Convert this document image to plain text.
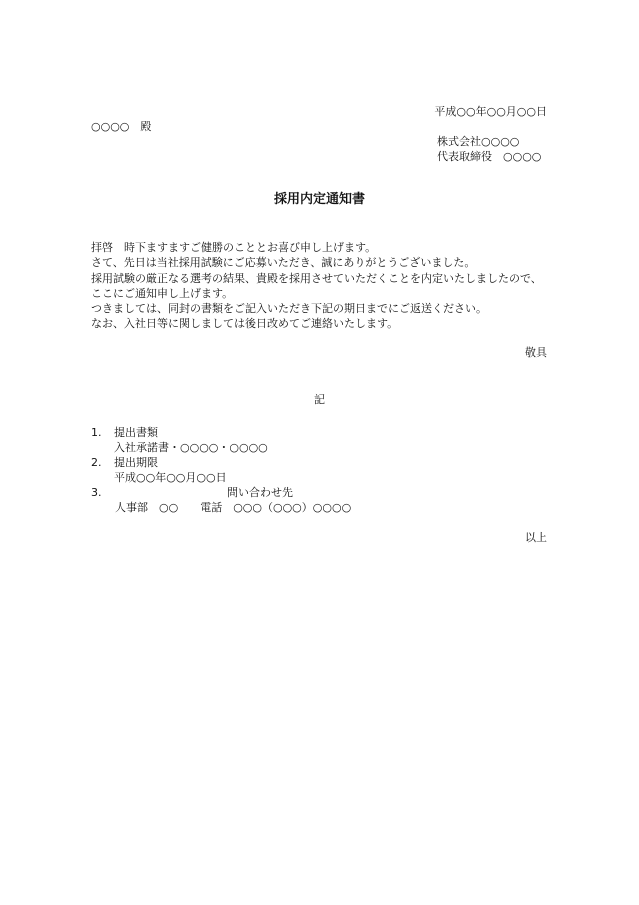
平成○○年○○月○○日
○○○○　殿
株式会社○○○○
代表取締役　○○○○
採用内定通知書

拝啓　時下ますますご健勝のこととお喜び申し上げます。

さて、先日は当社採用試験にご応募いただき、誠にありがとうございました。

採用試験の厳正なる選考の結果、貴殿を採用させていただくことを内定いたしましたので、ここにご通知申し上げます。

つきましては、同封の書類をご記入いただき下記の期日までにご返送ください。

なお、入社日等に関しましては後日改めてご連絡いたします。

敬具
記
1. 提出書類
入社承諾書・○○○○・○○○○
2. 提出期限
平成○○年○○月○○日
3.	問い合わせ先
人事部　○○　　電話　○○○（○○○）○○○○
以上
